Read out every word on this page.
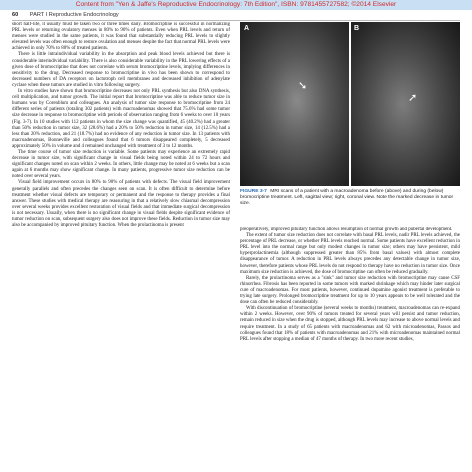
Content from "Yen & Jaffe's Reproductive Endocrinology: 7th Edition", ISBN: 9781455727582; ©2014 Elsevier
60 PART I Reproductive Endocrinology

short half-life, it usually must be taken two or three times daily. Bromocriptine is successful in normalizing PRL levels or returning ovulatory menses in 80% to 90% of patients. Even when PRL levels and return of menses were studied in the same patients, it was found that substantially reducing PRL levels to slightly elevated levels was often enough to restore ovulation and menses despite the fact that normal PRL levels were achieved in only 70% to 80% of treated patients.

There is little intraindividual variability in the absorption and peak blood levels achieved but there is considerable interindividual variability. There is also considerable variability in the PRL lowering effects of a given dose of bromocriptine that does not correlate with serum bromocriptine levels, implying differences in sensitivity to the drug. Decreased response to bromocriptine in vivo has been shown to correspond to decreased numbers of DA receptors on lactotroph cell membranes and decreased inhibition of adenylate cyclase when these tumors are studied in vitro following surgery.

In vitro studies have shown that bromocriptine decreases not only PRL synthesis but also DNA synthesis, cell multiplication, and tumor growth. The initial report that bromocriptine was able to reduce tumor size in humans was by Corenblum and colleagues. An analysis of tumor size response to bromocriptine from 24 different series of patients (totaling 302 patients) with macroadenomas showed that 75.6% had some tumor size decrease in response to bromocriptine with periods of observation ranging from 6 weeks to over 10 years (Fig. 3-7). In 10 studies with 112 patients in whom the size change was quantified, 45 (40.2%) had a greater than 50% reduction in tumor size, 32 (28.6%) had a 20% to 50% reduction in tumor size, 14 (12.5%) had a less than 20% reduction, and 21 (18.7%) had no evidence of any reduction in tumor size. In 13 patients with macroadenomas, Bonneville and colleagues found that 6 tumors disappeared completely, 5 decreased approximately 50% in volume and 4 remained unchanged with treatment of 3 to 12 months.

The time course of tumor size reduction is variable. Some patients may experience an extremely rapid decrease in tumor size, with significant change in visual fields being noted within 24 to 72 hours and significant changes noted on scan within 2 weeks. In others, little change may be noted at 6 weeks but a scan again at 6 months may show significant change. In many patients, progressive tumor size reduction can be noted over several years.

Visual field improvement occurs in 80% to 90% of patients with defects. The visual field improvement generally parallels and often precedes the changes seen on scan. It is often difficult to determine before treatment whether visual defects are temporary or permanent and the response to therapy provides a final answer. These studies with medical therapy are reassuring in that a relatively slow chiasmal decompression over several weeks provides excellent restoration of visual fields and that immediate surgical decompression is not necessary. Usually, when there is no significant change in visual fields despite significant evidence of tumor reduction on scan, subsequent surgery also does not improve these fields. Reduction in tumor size may also be accompanied by improved pituitary function. When the prolactinoma is present

A	B
➘
➚
FIGURE 3-7 MRI scans of a patient with a macroadenoma before (above) and during (below) bromocriptine treatment. Left, sagittal view; right, coronal view. Note the marked decrease in tumor size.

preoperatively, improved pituitary function allows resumption of normal growth and pubertal development.

The extent of tumor size reduction does not correlate with basal PRL levels, nadir PRL levels achieved, the percentage of PRL decrease, or whether PRL levels reached normal. Some patients have excellent reduction in PRL level into the normal range but only modest changes in tumor size; others may have persistent, mild hyperprolactinemia (although suppressed greater than 85% from basal values) with almost complete disappearance of tumor. A reduction in PRL levels always precedes any detectable change in tumor size, however, therefore patients whose PRL levels do not respond to therapy have no reduction in tumor size. Once maximum size reduction is achieved, the dose of bromocriptine can often be reduced gradually.

Rarely, the prolactinoma serves as a "sink" and tumor size reduction with bromocriptine may cause CSF rhinorrhea. Fibrosis has been reported in some tumors with marked shrinkage which may hinder later surgical cure of macroadenomas. For most patients, however, continued dopamine agonist treatment is preferable to trying late surgery. Prolonged bromocriptine treatment for up to 10 years appears to be well tolerated and the dose can often be reduced considerably.

With discontinuation of bromocriptine (several weeks to months) treatment, macroadenomas can re-expand within 2 weeks. However, over 90% of tumors treated for several years will persist and tumor reduction, remain reduced in size when the drug is stopped, although PRL levels may increase to above normal levels and require treatment. In a study of 65 patients with macroadenomas and 62 with microadenomas, Passos and colleagues found that 18% of patients with macroadenomas and 21% with microadenomas maintained normal PRL levels after stopping a median of 47 months of therapy. In two more recent studies,
